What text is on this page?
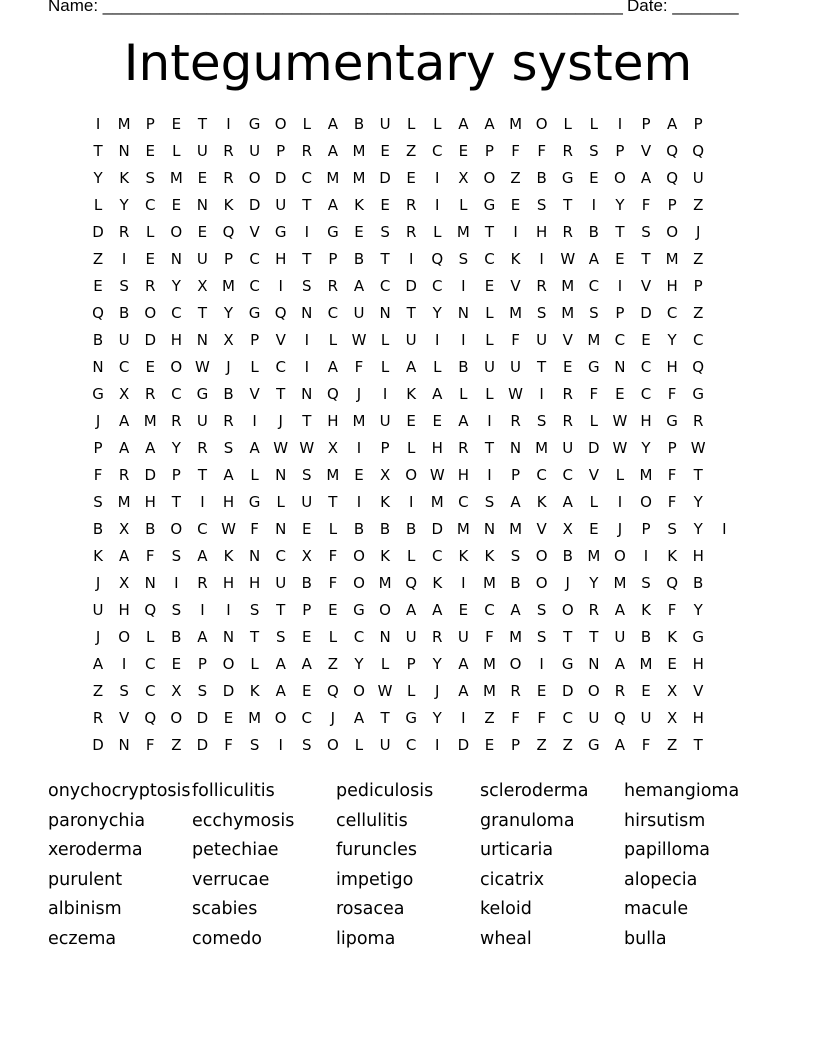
Name: _______________________________________________________ Date: _______
Integumentary system
I	M	P	E	T	I	G O	L	A	B	U	L	L	A	A M O	L	L	I	P	A	P
T	N	E	L	U	R	U	P	R	A M E	Z	C	E	P	F	F	R	S	P	V	Q Q
Y	K	S M E	R O D	C M M D	E	I	X	O	Z	B	G	E	O	A	Q U
L	Y	C	E	N	K	D U	T	A	K	E	R	I	L	G	E	S	T	I	Y	F	P	Z
D	R	L	O	E	Q	V	G	I	G	E	S	R	L	M	T	I	H	R	B	T	S	O	J
Z	I	E	N U	P	C	H	T	P	B	T	I	Q	S	C	K	I	W A	E	T	M Z
E	S	R	Y	X M C	I	S	R	A	C	D	C	I	E	V	R M C	I	V	H	P
Q	B	O C	T	Y	G Q N	C	U N	T	Y	N	L	M S M S	P	D	C	Z
B	U D H N	X	P	V	I	L W L	U	I	I	L	F	U	V M C	E	Y	C
N	C	E	O W	J	L	C	I	A	F	L	A	L	B	U	U	T	E	G N	C	H Q
G	X	R	C	G	B	V	T	N Q	J	I	K	A	L	L W	I	R	F	E	C	F	G
J	A M R	U	R	I	J	T	H M U	E	E	A	I	R	S	R	L W H G	R
P	A	A	Y	R	S	A W W X	I	P	L	H	R	T	N M U D W Y	P W
F	R	D	P	T	A	L	N	S M E	X	O W H	I	P	C	C	V	L	M	F	T
S M H	T	I	H G	L	U	T	I	K	I	M C	S	A	K	A	L	I	O	F	Y
B	X	B	O C W F	N	E	L	B	B	B	D M N M V	X	E	J	P	S	Y	I
K	A	F	S	A	K	N	C	X	F	O	K	L	C	K	K	S	O	B M O	I	K	H
J	X	N	I	R	H H U	B	F	O M Q	K	I	M B	O	J	Y	M S	Q	B
U H Q	S	I	I	S	T	P	E	G O	A	A	E	C	A	S	O R	A	K	F	Y
J	O	L	B	A	N	T	S	E	L	C	N U	R	U	F	M S	T	T	U	B	K	G
A	I	C	E	P	O	L	A	A	Z	Y	L	P	Y	A M O	I	G N	A M E	H
Z	S	C	X	S	D	K	A	E	Q O W L	J	A M R	E	D O R	E	X	V
R	V	Q O D	E M O C	J	A	T	G	Y	I	Z	F	F	C	U Q U	X	H
D N	F	Z	D	F	S	I	S	O	L	U	C	I	D	E	P	Z	Z	G	A	F	Z	T
onychocryptosis folliculitis	pediculosis	scleroderma	hemangioma
paronychia	ecchymosis	cellulitis	granuloma	hirsutism
xeroderma	petechiae	furuncles	urticaria	papilloma
purulent	verrucae	impetigo	cicatrix	alopecia
albinism	scabies	rosacea	keloid	macule
eczema	comedo	lipoma	wheal	bulla
